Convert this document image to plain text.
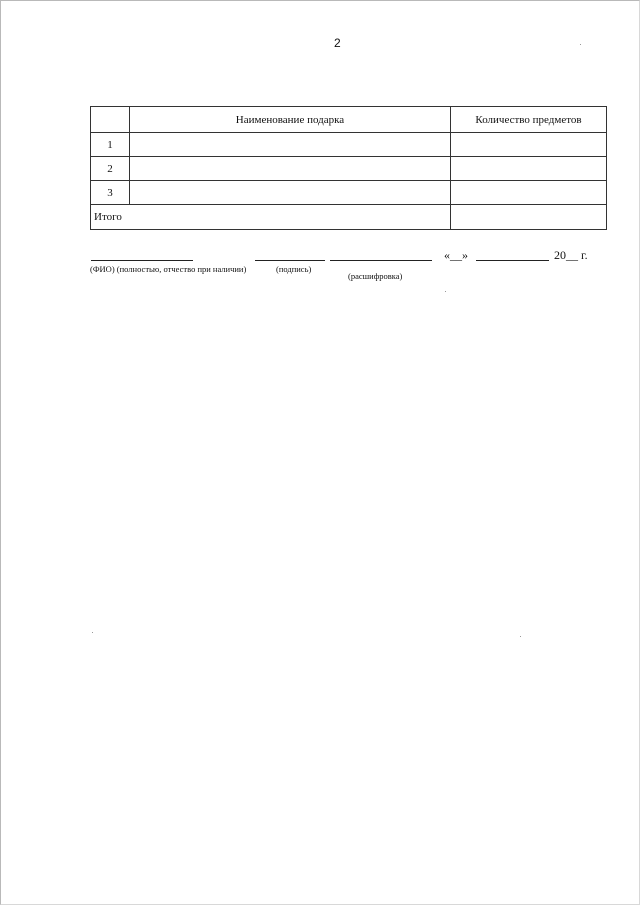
2
	Наименование подарка	Количество предметов
1		
2		
3		
Итого		
«__»	20__ г.
(ФИО) (полностью, отчество при наличии)	(подпись)
(расшифровка)
